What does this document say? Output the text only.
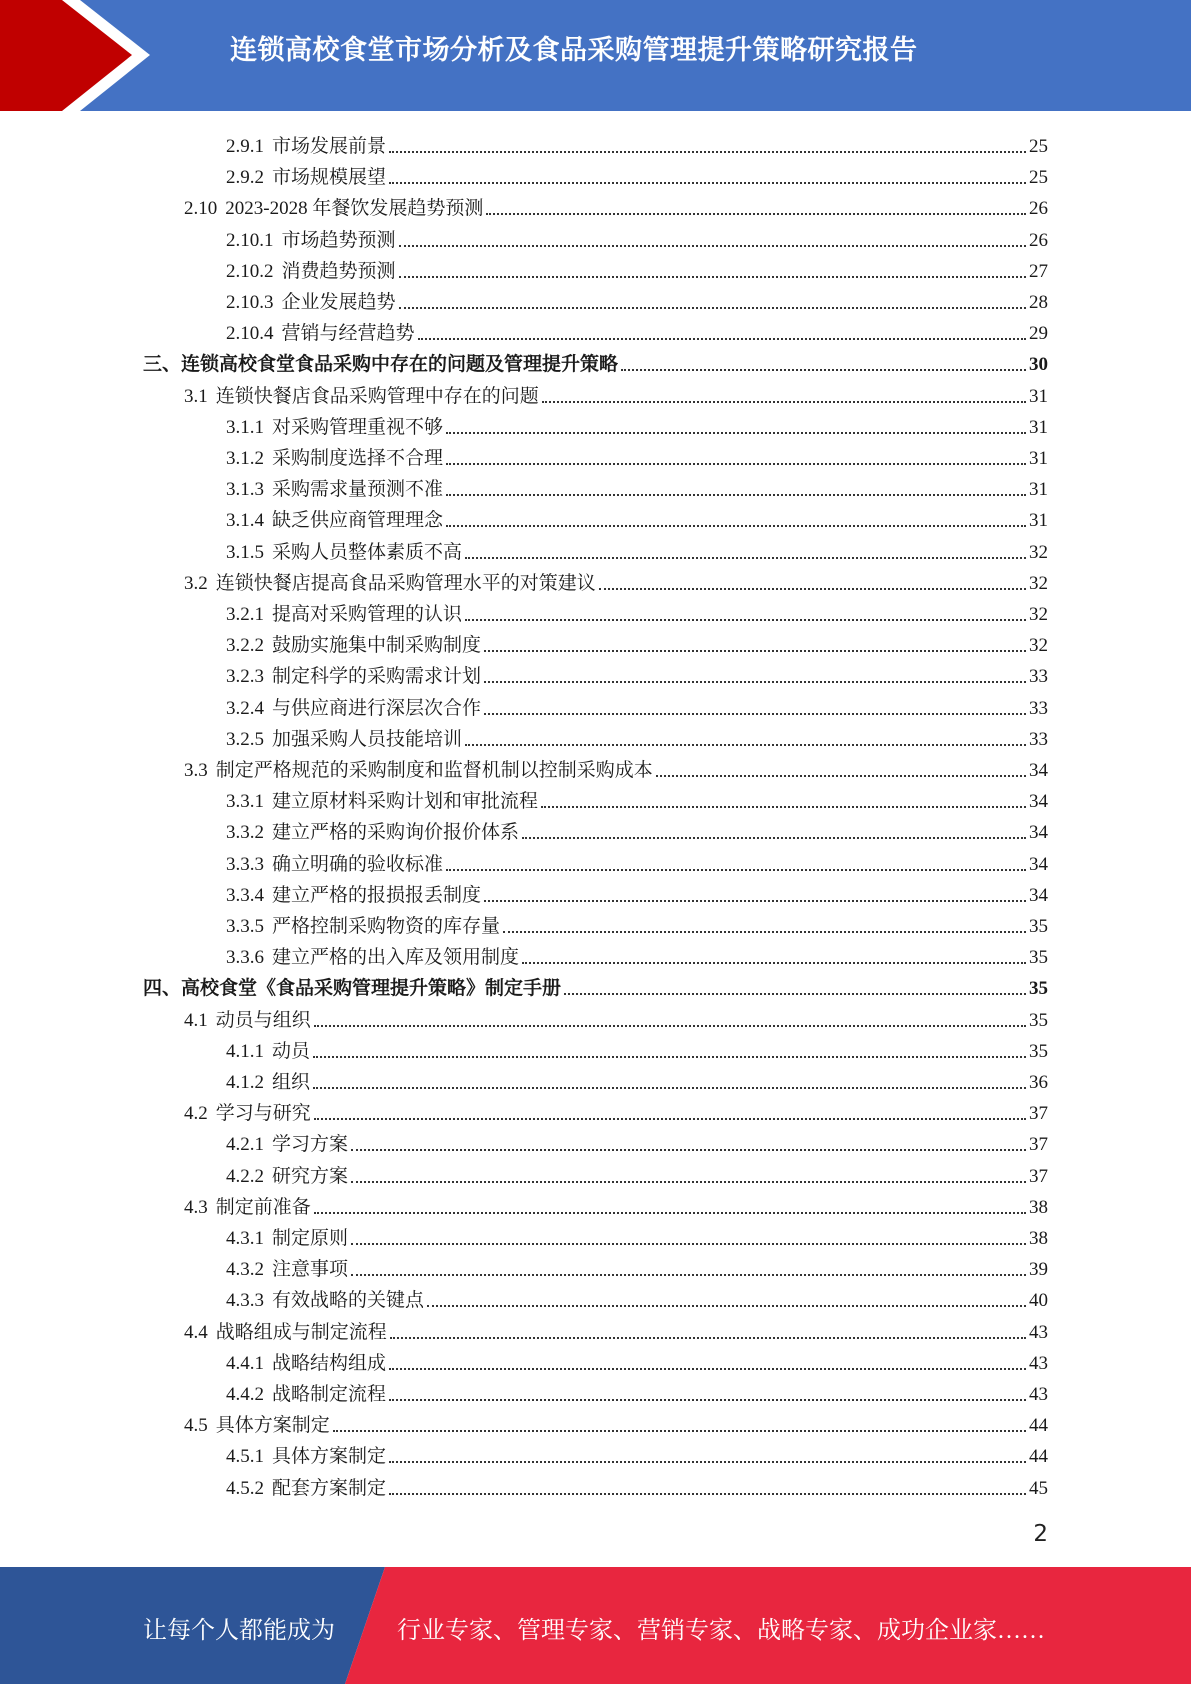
连锁高校食堂市场分析及食品采购管理提升策略研究报告
2.9.1 市场发展前景	25
2.9.2 市场规模展望	25
2.10 2023-2028 年餐饮发展趋势预测	26
2.10.1 市场趋势预测	26
2.10.2 消费趋势预测	27
2.10.3 企业发展趋势	28
2.10.4 营销与经营趋势	29
三、连锁高校食堂食品采购中存在的问题及管理提升策略	30
3.1 连锁快餐店食品采购管理中存在的问题	31
3.1.1 对采购管理重视不够	31
3.1.2 采购制度选择不合理	31
3.1.3 采购需求量预测不准	31
3.1.4 缺乏供应商管理理念	31
3.1.5 采购人员整体素质不高	32
3.2 连锁快餐店提高食品采购管理水平的对策建议	32
3.2.1 提高对采购管理的认识	32
3.2.2 鼓励实施集中制采购制度	32
3.2.3 制定科学的采购需求计划	33
3.2.4 与供应商进行深层次合作	33
3.2.5 加强采购人员技能培训	33
3.3 制定严格规范的采购制度和监督机制以控制采购成本	34
3.3.1 建立原材料采购计划和审批流程	34
3.3.2 建立严格的采购询价报价体系	34
3.3.3 确立明确的验收标准	34
3.3.4 建立严格的报损报丢制度	34
3.3.5 严格控制采购物资的库存量	35
3.3.6 建立严格的出入库及领用制度	35
四、高校食堂《食品采购管理提升策略》制定手册	35
4.1 动员与组织	35
4.1.1 动员	35
4.1.2 组织	36
4.2 学习与研究	37
4.2.1 学习方案	37
4.2.2 研究方案	37
4.3 制定前准备	38
4.3.1 制定原则	38
4.3.2 注意事项	39
4.3.3 有效战略的关键点	40
4.4 战略组成与制定流程	43
4.4.1 战略结构组成	43
4.4.2 战略制定流程	43
4.5 具体方案制定	44
4.5.1 具体方案制定	44
4.5.2 配套方案制定	45
2
让每个人都能成为	行业专家、管理专家、营销专家、战略专家、成功企业家……
